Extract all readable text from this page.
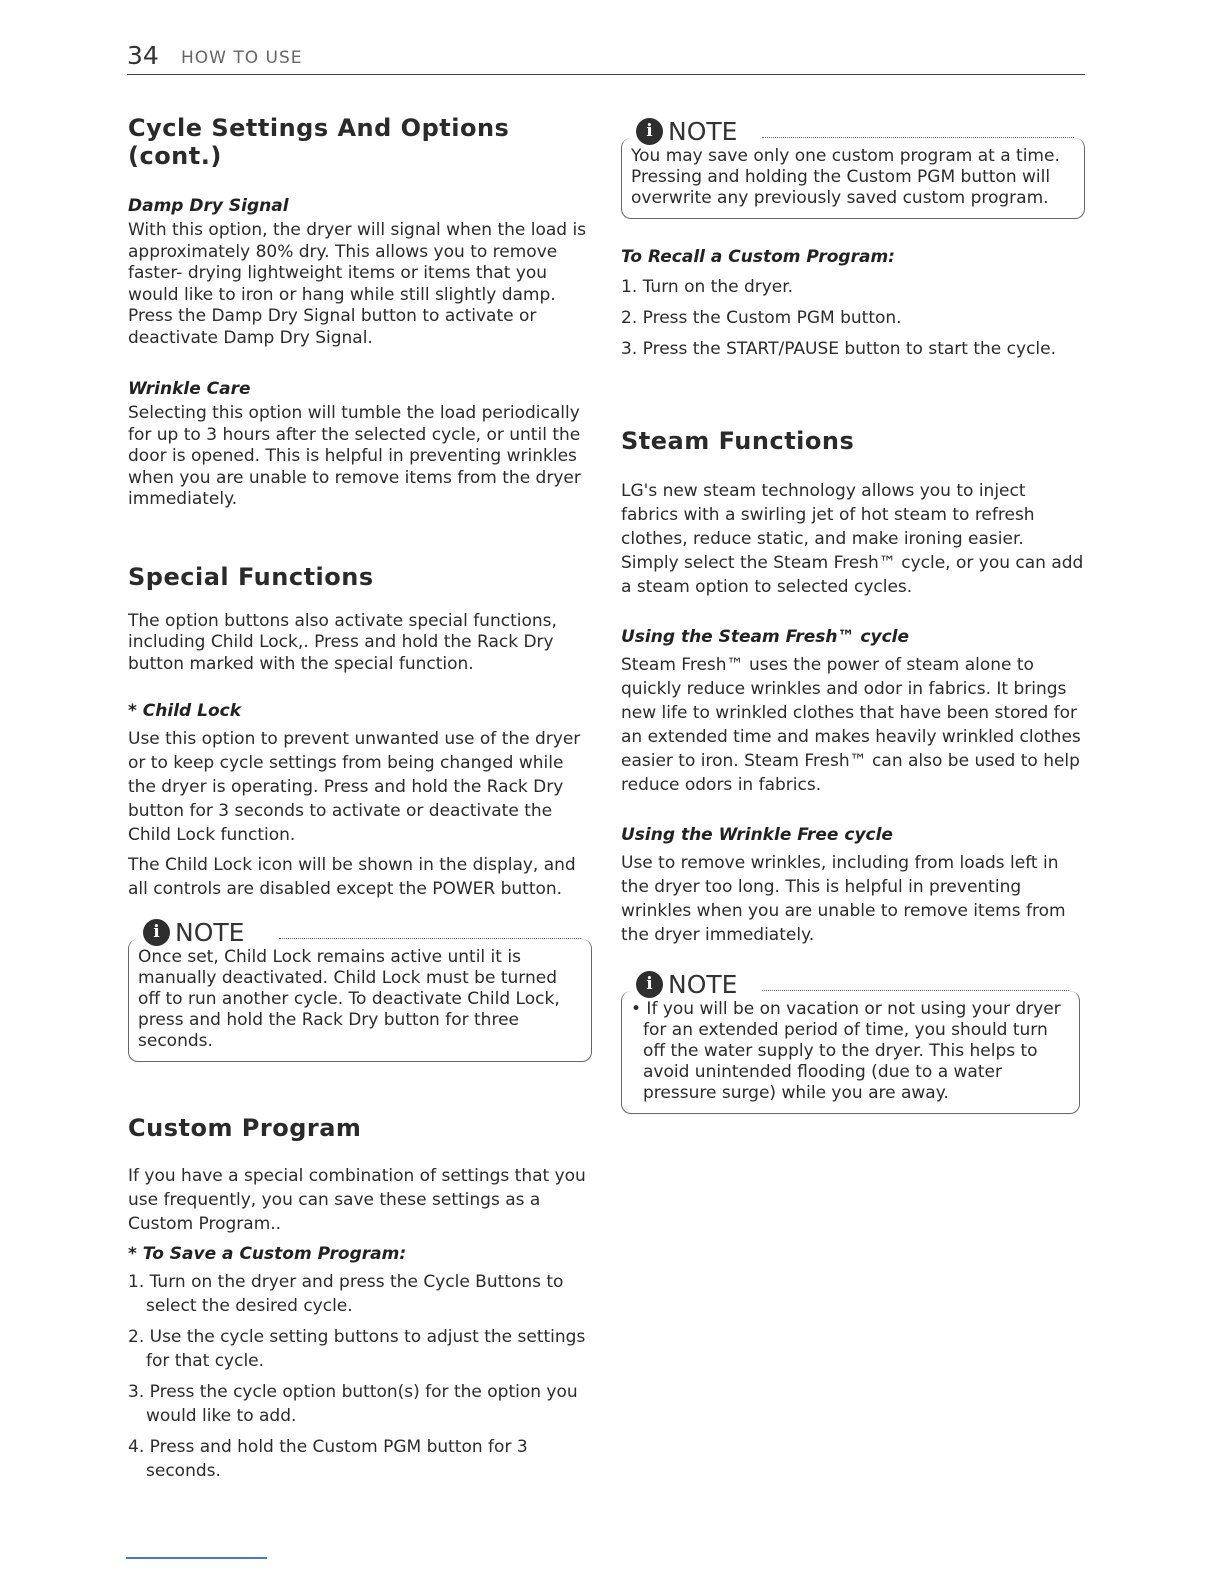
34 HOW TO USE
Cycle Settings And Options (cont.)
Damp Dry Signal

With this option, the dryer will signal when the load is approximately 80% dry. This allows you to remove faster- drying lightweight items or items that you would like to iron or hang while still slightly damp. Press the Damp Dry Signal button to activate or deactivate Damp Dry Signal.

Wrinkle Care

Selecting this option will tumble the load periodically for up to 3 hours after the selected cycle, or until the door is opened. This is helpful in preventing wrinkles when you are unable to remove items from the dryer immediately.

Special Functions

The option buttons also activate special functions, including Child Lock,. Press and hold the Rack Dry button marked with the special function.

* Child Lock

Use this option to prevent unwanted use of the dryer or to keep cycle settings from being changed while the dryer is operating. Press and hold the Rack Dry button for 3 seconds to activate or deactivate the Child Lock function.

The Child Lock icon will be shown in the display, and all controls are disabled except the POWER button.

i NOTE
Once set, Child Lock remains active until it is manually deactivated. Child Lock must be turned off to run another cycle. To deactivate Child Lock, press and hold the Rack Dry button for three seconds.
Custom Program

If you have a special combination of settings that you use frequently, you can save these settings as a Custom Program..

* To Save a Custom Program:
1. Turn on the dryer and press the Cycle Buttons to select the desired cycle.
2. Use the cycle setting buttons to adjust the settings for that cycle.
3. Press the cycle option button(s) for the option you would like to add.
4. Press and hold the Custom PGM button for 3 seconds.
i NOTE
You may save only one custom program at a time. Pressing and holding the Custom PGM button will overwrite any previously saved custom program.
To Recall a Custom Program:
1. Turn on the dryer.
2. Press the Custom PGM button.
3. Press the START/PAUSE button to start the cycle.
Steam Functions

LG's new steam technology allows you to inject fabrics with a swirling jet of hot steam to refresh clothes, reduce static, and make ironing easier.

Simply select the Steam Fresh™ cycle, or you can add a steam option to selected cycles.

Using the Steam Fresh™ cycle

Steam Fresh™ uses the power of steam alone to quickly reduce wrinkles and odor in fabrics. It brings new life to wrinkled clothes that have been stored for an extended time and makes heavily wrinkled clothes easier to iron. Steam Fresh™ can also be used to help reduce odors in fabrics.

Using the Wrinkle Free cycle

Use to remove wrinkles, including from loads left in the dryer too long. This is helpful in preventing wrinkles when you are unable to remove items from the dryer immediately.

i NOTE
• If you will be on vacation or not using your dryer for an extended period of time, you should turn off the water supply to the dryer. This helps to avoid unintended flooding (due to a water pressure surge) while you are away.
